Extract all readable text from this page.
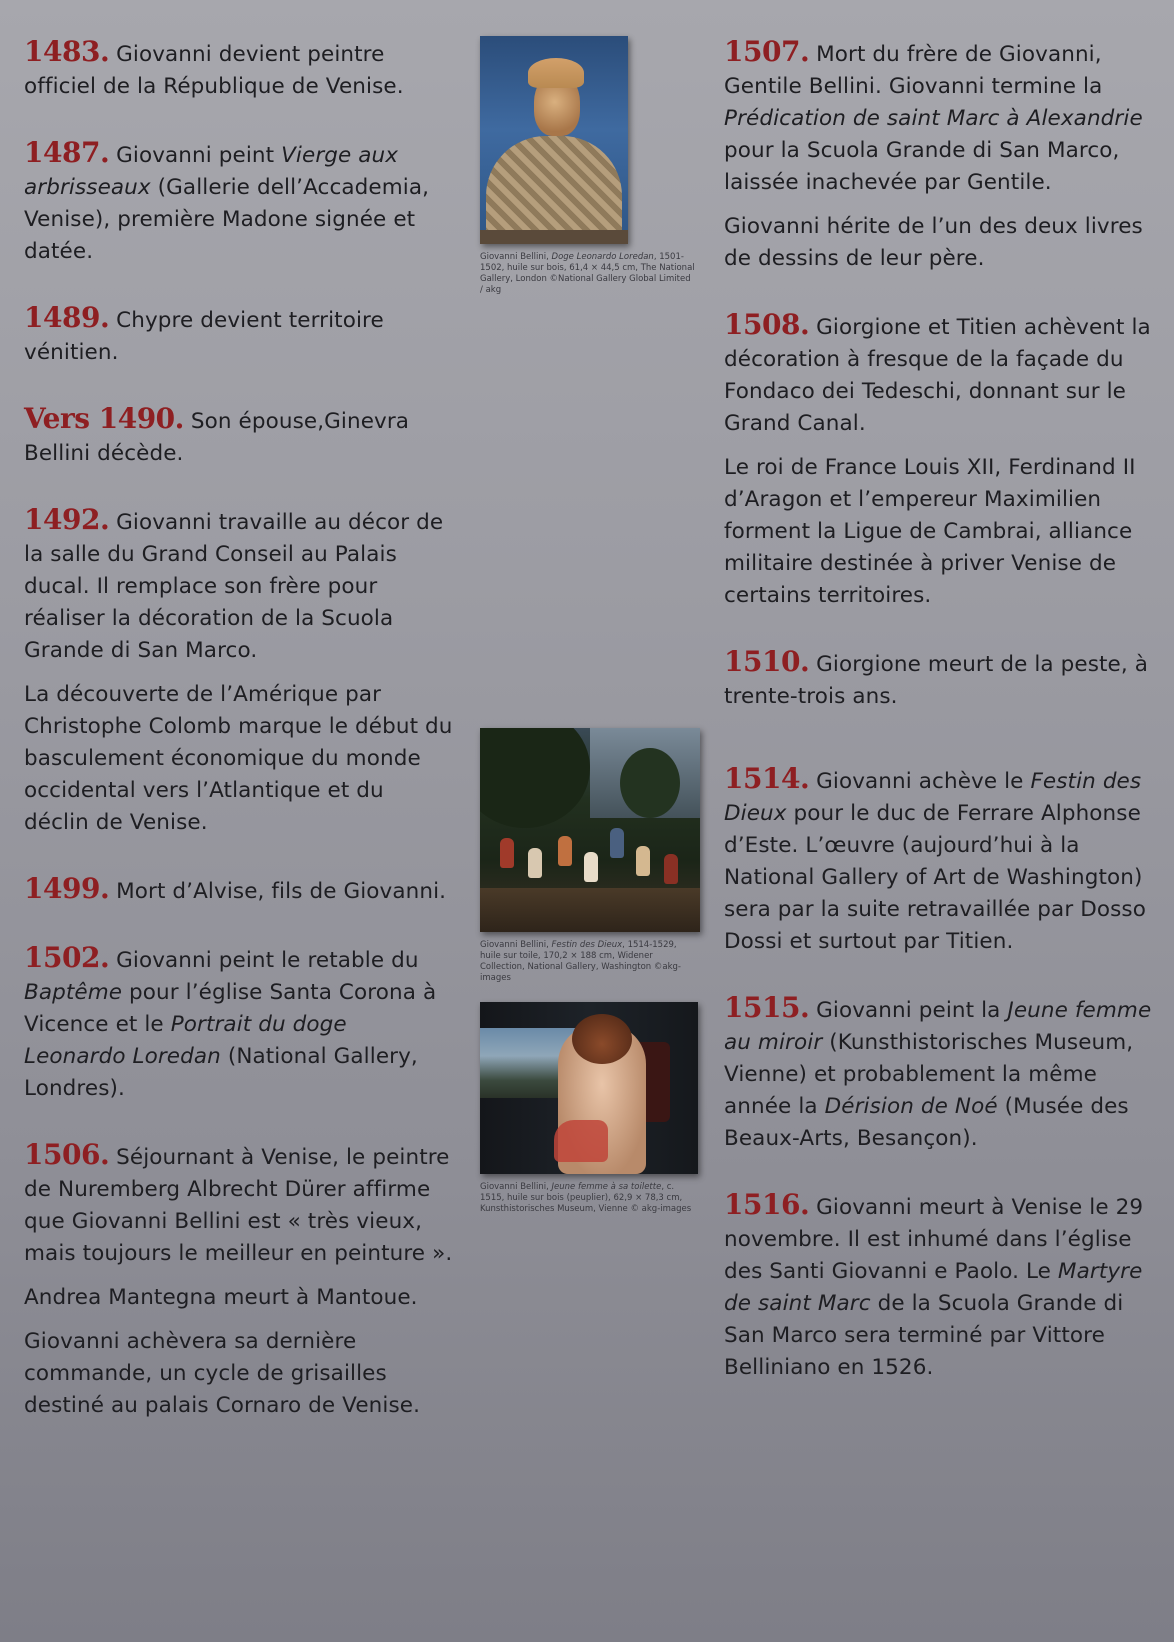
1483 . Giovanni devient peintre officiel de la République de Venise.

1487 . Giovanni peint Vierge aux arbrisseaux (Gallerie dell’Accademia, Venise), première Madone signée et datée.

1489 . Chypre devient territoire vénitien.

Vers 1490 . Son épouse,Ginevra Bellini décède.

1492 . Giovanni travaille au décor de la salle du Grand Conseil au Palais ducal. Il remplace son frère pour réaliser la décoration de la Scuola Grande di San Marco.

La découverte de l’Amérique par Christophe Colomb marque le début du basculement économique du monde occidental vers l’Atlantique et du déclin de Venise.

1499 . Mort d’Alvise, fils de Giovanni.

1502 . Giovanni peint le retable du Baptême pour l’église Santa Corona à Vicence et le Portrait du doge Leonardo Loredan (National Gallery, Londres).

1506 . Séjournant à Venise, le peintre de Nuremberg Albrecht Dürer affirme que Giovanni Bellini est « très vieux, mais toujours le meilleur en peinture ».

Andrea Mantegna meurt à Mantoue.

Giovanni achèvera sa dernière commande, un cycle de grisailles destiné au palais Cornaro de Venise.

Giovanni Bellini, Doge Leonardo Loredan, 1501-1502, huile sur bois, 61,4 × 44,5 cm, The National Gallery, London ©National Gallery Global Limited / akg
Giovanni Bellini, Festin des Dieux, 1514-1529, huile sur toile, 170,2 × 188 cm, Widener Collection, National Gallery, Washington ©akg-images
Giovanni Bellini, Jeune femme à sa toilette, c. 1515, huile sur bois (peuplier), 62,9 × 78,3 cm, Kunsthistorisches Museum, Vienne © akg-images

1507 . Mort du frère de Giovanni, Gentile Bellini. Giovanni termine la Prédication de saint Marc à Alexandrie pour la Scuola Grande di San Marco, laissée inachevée par Gentile.

Giovanni hérite de l’un des deux livres de dessins de leur père.

1508 . Giorgione et Titien achèvent la décoration à fresque de la façade du Fondaco dei Tedeschi, donnant sur le Grand Canal.

Le roi de France Louis XII, Ferdinand II d’Aragon et l’empereur Maximilien forment la Ligue de Cambrai, alliance militaire destinée à priver Venise de certains territoires.

1510 . Giorgione meurt de la peste, à trente-trois ans.

1514 . Giovanni achève le Festin des Dieux pour le duc de Ferrare Alphonse d’Este. L’œuvre (aujourd’hui à la National Gallery of Art de Washington) sera par la suite retravaillée par Dosso Dossi et surtout par Titien.

1515 . Giovanni peint la Jeune femme au miroir (Kunsthistorisches Museum, Vienne) et probablement la même année la Dérision de Noé (Musée des Beaux-Arts, Besançon).

1516 . Giovanni meurt à Venise le 29 novembre. Il est inhumé dans l’église des Santi Giovanni e Paolo. Le Martyre de saint Marc de la Scuola Grande di San Marco sera terminé par Vittore Belliniano en 1526.
